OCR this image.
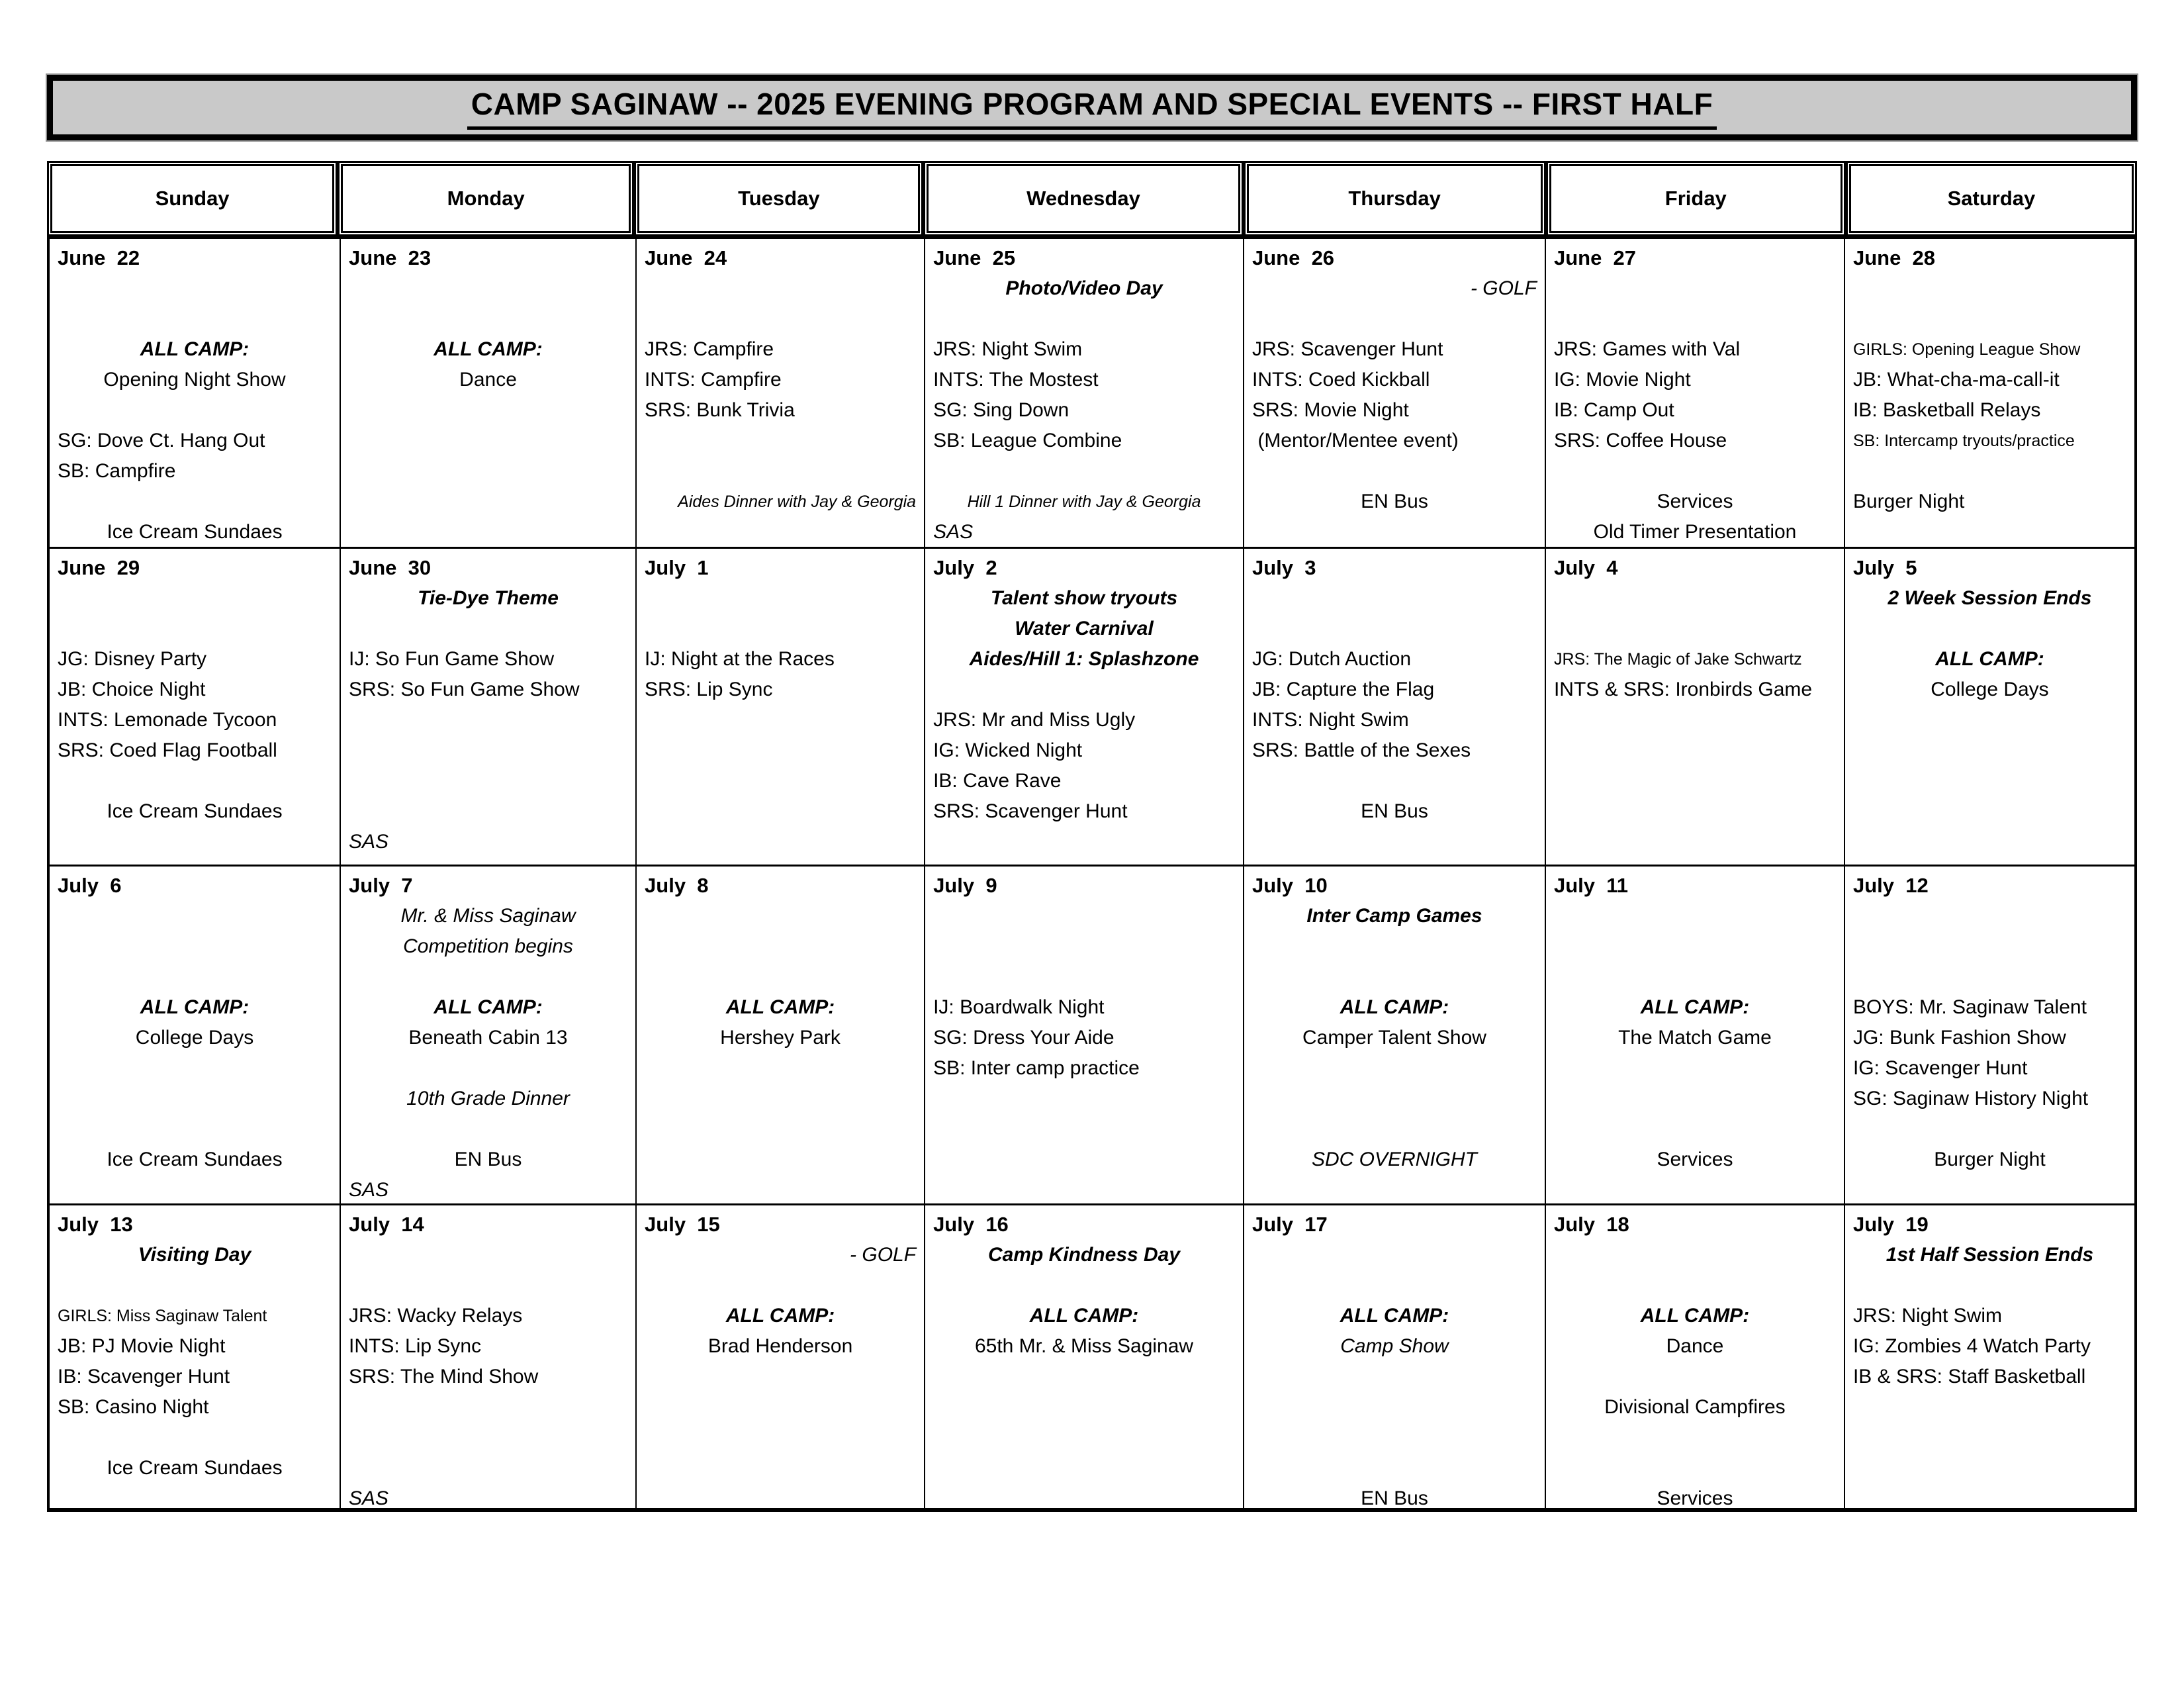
CAMP SAGINAW -- 2025 EVENING PROGRAM AND SPECIAL EVENTS -- FIRST HALF
Sunday	Monday	Tuesday	Wednesday	Thursday	Friday	Saturday
June  22
ALL CAMP:
Opening Night Show
SG: Dove Ct. Hang Out
SB: Campfire
Ice Cream Sundaes
June  23
ALL CAMP:
Dance
June  24
JRS: Campfire
INTS: Campfire
SRS: Bunk Trivia
Aides Dinner with Jay & Georgia
June  25
Photo/Video Day
JRS: Night Swim
INTS: The Mostest
SG: Sing Down
SB: League Combine
Hill 1 Dinner with Jay & Georgia
SAS
June  26
- GOLF
JRS: Scavenger Hunt
INTS: Coed Kickball
SRS: Movie Night
(Mentor/Mentee event)
EN Bus
June  27
JRS: Games with Val
IG: Movie Night
IB: Camp Out
SRS: Coffee House
Services
Old Timer Presentation
June  28
GIRLS: Opening League Show
JB: What-cha-ma-call-it
IB: Basketball Relays
SB: Intercamp tryouts/practice
Burger Night
June  29
JG: Disney Party
JB: Choice Night
INTS: Lemonade Tycoon
SRS: Coed Flag Football
Ice Cream Sundaes
June  30
Tie-Dye Theme
IJ: So Fun Game Show
SRS: So Fun Game Show
SAS
July  1
IJ: Night at the Races
SRS: Lip Sync
July  2
Talent show tryouts
Water Carnival
Aides/Hill 1: Splashzone
JRS: Mr and Miss Ugly
IG: Wicked Night
IB: Cave Rave
SRS: Scavenger Hunt
July  3
JG: Dutch Auction
JB: Capture the Flag
INTS: Night Swim
SRS: Battle of the Sexes
EN Bus
July  4
JRS: The Magic of Jake Schwartz
INTS & SRS: Ironbirds Game
July  5
2 Week Session Ends
ALL CAMP:
College Days
July  6
ALL CAMP:
College Days
Ice Cream Sundaes
July  7
Mr. & Miss Saginaw
Competition begins
ALL CAMP:
Beneath Cabin 13
10th Grade Dinner
EN Bus
SAS
July  8
ALL CAMP:
Hershey Park
July  9
IJ: Boardwalk Night
SG: Dress Your Aide
SB: Inter camp practice
July  10
Inter Camp Games
ALL CAMP:
Camper Talent Show
SDC OVERNIGHT
July  11
ALL CAMP:
The Match Game
Services
July  12
BOYS: Mr. Saginaw Talent
JG: Bunk Fashion Show
IG: Scavenger Hunt
SG: Saginaw History Night
Burger Night
July  13
Visiting Day
GIRLS: Miss Saginaw Talent
JB: PJ Movie Night
IB: Scavenger Hunt
SB: Casino Night
Ice Cream Sundaes
July  14
JRS: Wacky Relays
INTS: Lip Sync
SRS: The Mind Show
SAS
July  15
- GOLF
ALL CAMP:
Brad Henderson
July  16
Camp Kindness Day
ALL CAMP:
65th Mr. & Miss Saginaw
July  17
ALL CAMP:
Camp Show
EN Bus
July  18
ALL CAMP:
Dance
Divisional Campfires
Services
July  19
1st Half Session Ends
JRS: Night Swim
IG: Zombies 4 Watch Party
IB & SRS: Staff Basketball
